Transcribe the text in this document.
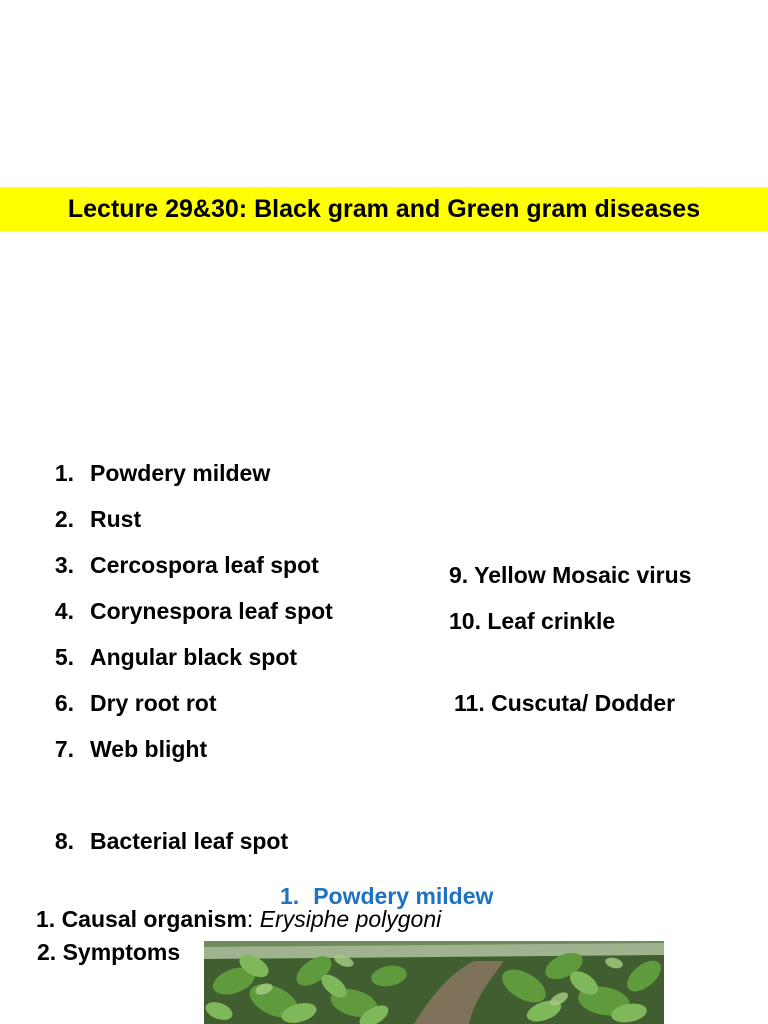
Lecture 29&30: Black gram and Green gram diseases
1. Powdery mildew
2. Rust
3. Cercospora leaf spot
4. Corynespora leaf spot
5. Angular black spot
6. Dry root rot
7. Web blight
8. Bacterial leaf spot
9. Yellow Mosaic virus
10. Leaf crinkle
11. Cuscuta/ Dodder
1. Powdery mildew
1. Causal organism: Erysiphe polygoni
2. Symptoms
